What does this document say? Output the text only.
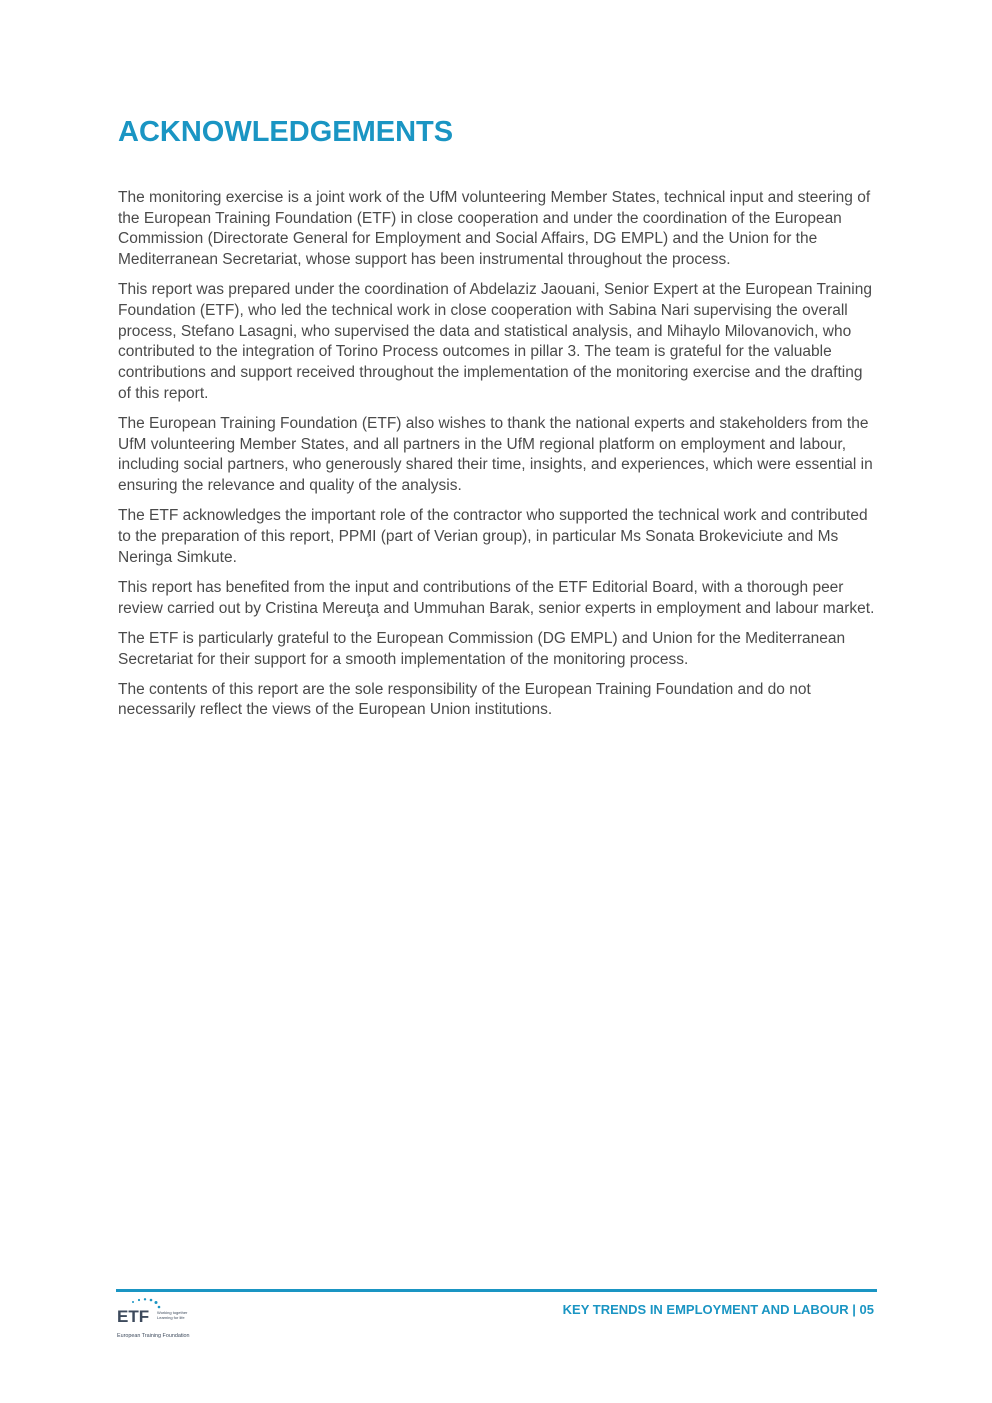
ACKNOWLEDGEMENTS

The monitoring exercise is a joint work of the UfM volunteering Member States, technical input and steering of the European Training Foundation (ETF) in close cooperation and under the coordination of the European Commission (Directorate General for Employment and Social Affairs, DG EMPL) and the Union for the Mediterranean Secretariat, whose support has been instrumental throughout the process.

This report was prepared under the coordination of Abdelaziz Jaouani, Senior Expert at the European Training Foundation (ETF), who led the technical work in close cooperation with Sabina Nari supervising the overall process, Stefano Lasagni, who supervised the data and statistical analysis, and Mihaylo Milovanovich, who contributed to the integration of Torino Process outcomes in pillar 3. The team is grateful for the valuable contributions and support received throughout the implementation of the monitoring exercise and the drafting of this report.

The European Training Foundation (ETF) also wishes to thank the national experts and stakeholders from the UfM volunteering Member States, and all partners in the UfM regional platform on employment and labour, including social partners, who generously shared their time, insights, and experiences, which were essential in ensuring the relevance and quality of the analysis.

The ETF acknowledges the important role of the contractor who supported the technical work and contributed to the preparation of this report, PPMI (part of Verian group), in particular Ms Sonata Brokeviciute and Ms Neringa Simkute.

This report has benefited from the input and contributions of the ETF Editorial Board, with a thorough peer review carried out by Cristina Mereuţa and Ummuhan Barak, senior experts in employment and labour market.

The ETF is particularly grateful to the European Commission (DG EMPL) and Union for the Mediterranean Secretariat for their support for a smooth implementation of the monitoring process.

The contents of this report are the sole responsibility of the European Training Foundation and do not necessarily reflect the views of the European Union institutions.

ETF Working together
Learning for life
European Training Foundation
KEY TRENDS IN EMPLOYMENT AND LABOUR | 05
